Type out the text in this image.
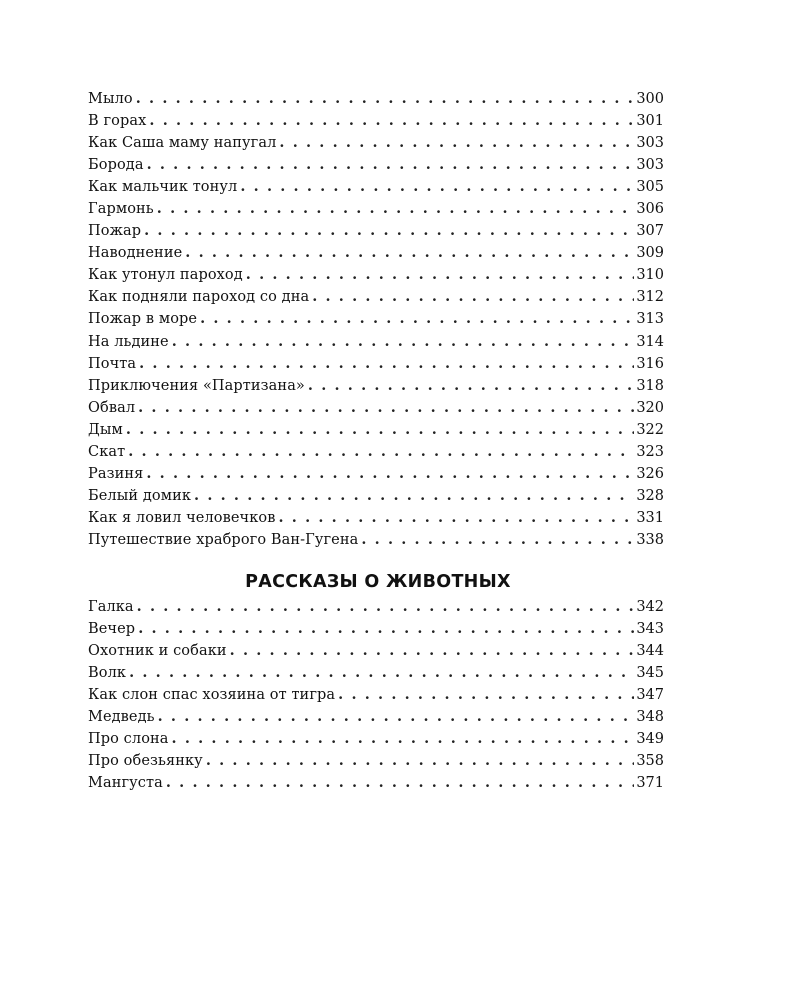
Мыло . . .	300
В горах . . .	301
Как Саша маму напугал . . .	303
Борода . . .	303
Как мальчик тонул . . .	305
Гармонь . . .	306
Пожар . . .	307
Наводнение . . .	309
Как утонул пароход . . .	310
Как подняли пароход со дна . . .	312
Пожар в море . . .	313
На льдине . . .	314
Почта . . .	316
Приключения «Партизана» . . .	318
Обвал . . .	320
Дым . . .	322
Скат . . .	323
Разиня . . .	326
Белый домик . . .	328
Как я ловил человечков . . .	331
Путешествие храброго Ван-Гугена . . .	338
РАССКАЗЫ О ЖИВОТНЫХ
Галка . . .	342
Вечер . . .	343
Охотник и собаки . . .	344
Волк . . .	345
Как слон спас хозяина от тигра . . .	347
Медведь . . .	348
Про слона . . .	349
Про обезьянку . . .	358
Мангуста . . .	371
